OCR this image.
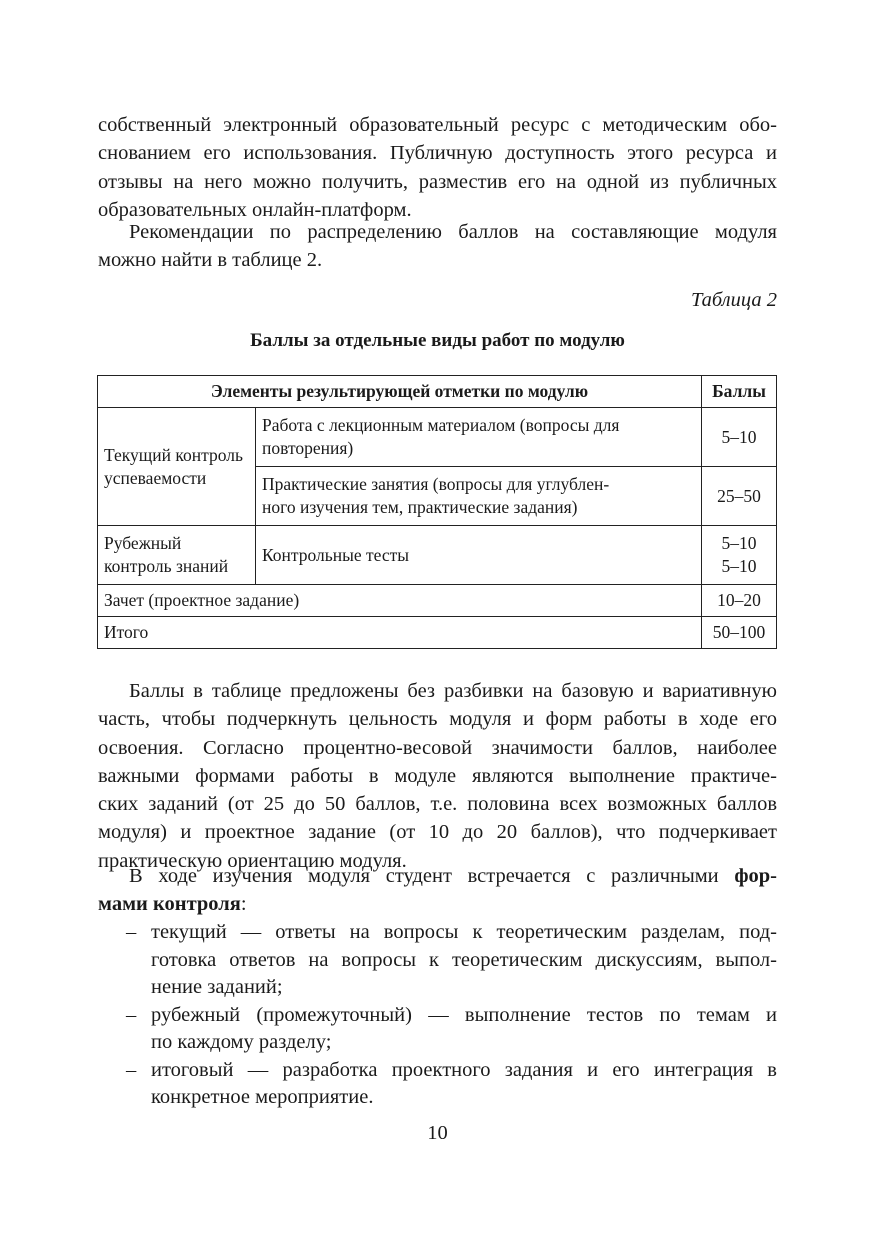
собственный электронный образовательный ресурс с методическим обо-
снованием его использования. Публичную доступность этого ресурса и
отзывы на него можно получить, разместив его на одной из публичных
образовательных онлайн-платформ.

Рекомендации по распределению баллов на составляющие модуля
можно найти в таблице 2.

Таблица 2
Баллы за отдельные виды работ по модулю
Элементы результирующей отметки по модулю		Баллы
Текущий контроль успеваемости	Работа с лекционным материалом (вопросы для повторения)	5–10

	Практические занятия (вопросы для углублен-
ного изучения тем, практические задания)	25–50
Рубежный контроль знаний	Контрольные тесты	5–10
5–10

Зачет (проектное задание)		10–20
Итого		50–100

Баллы в таблице предложены без разбивки на базовую и вариативную
часть, чтобы подчеркнуть цельность модуля и форм работы в ходе его
освоения. Согласно процентно-весовой значимости баллов, наиболее
важными формами работы в модуле являются выполнение практиче-
ских заданий (от 25 до 50 баллов, т.е. половина всех возможных баллов
модуля) и проектное задание (от 10 до 20 баллов), что подчеркивает
практическую ориентацию модуля.

В ходе изучения модуля студент встречается с различными фор-
мами контроля:

– текущий — ответы на вопросы к теоретическим разделам, под-
готовка ответов на вопросы к теоретическим дискуссиям, выпол-
нение заданий;
– рубежный (промежуточный) — выполнение тестов по темам и
по каждому разделу;
– итоговый — разработка проектного задания и его интеграция в
конкретное мероприятие.
10
